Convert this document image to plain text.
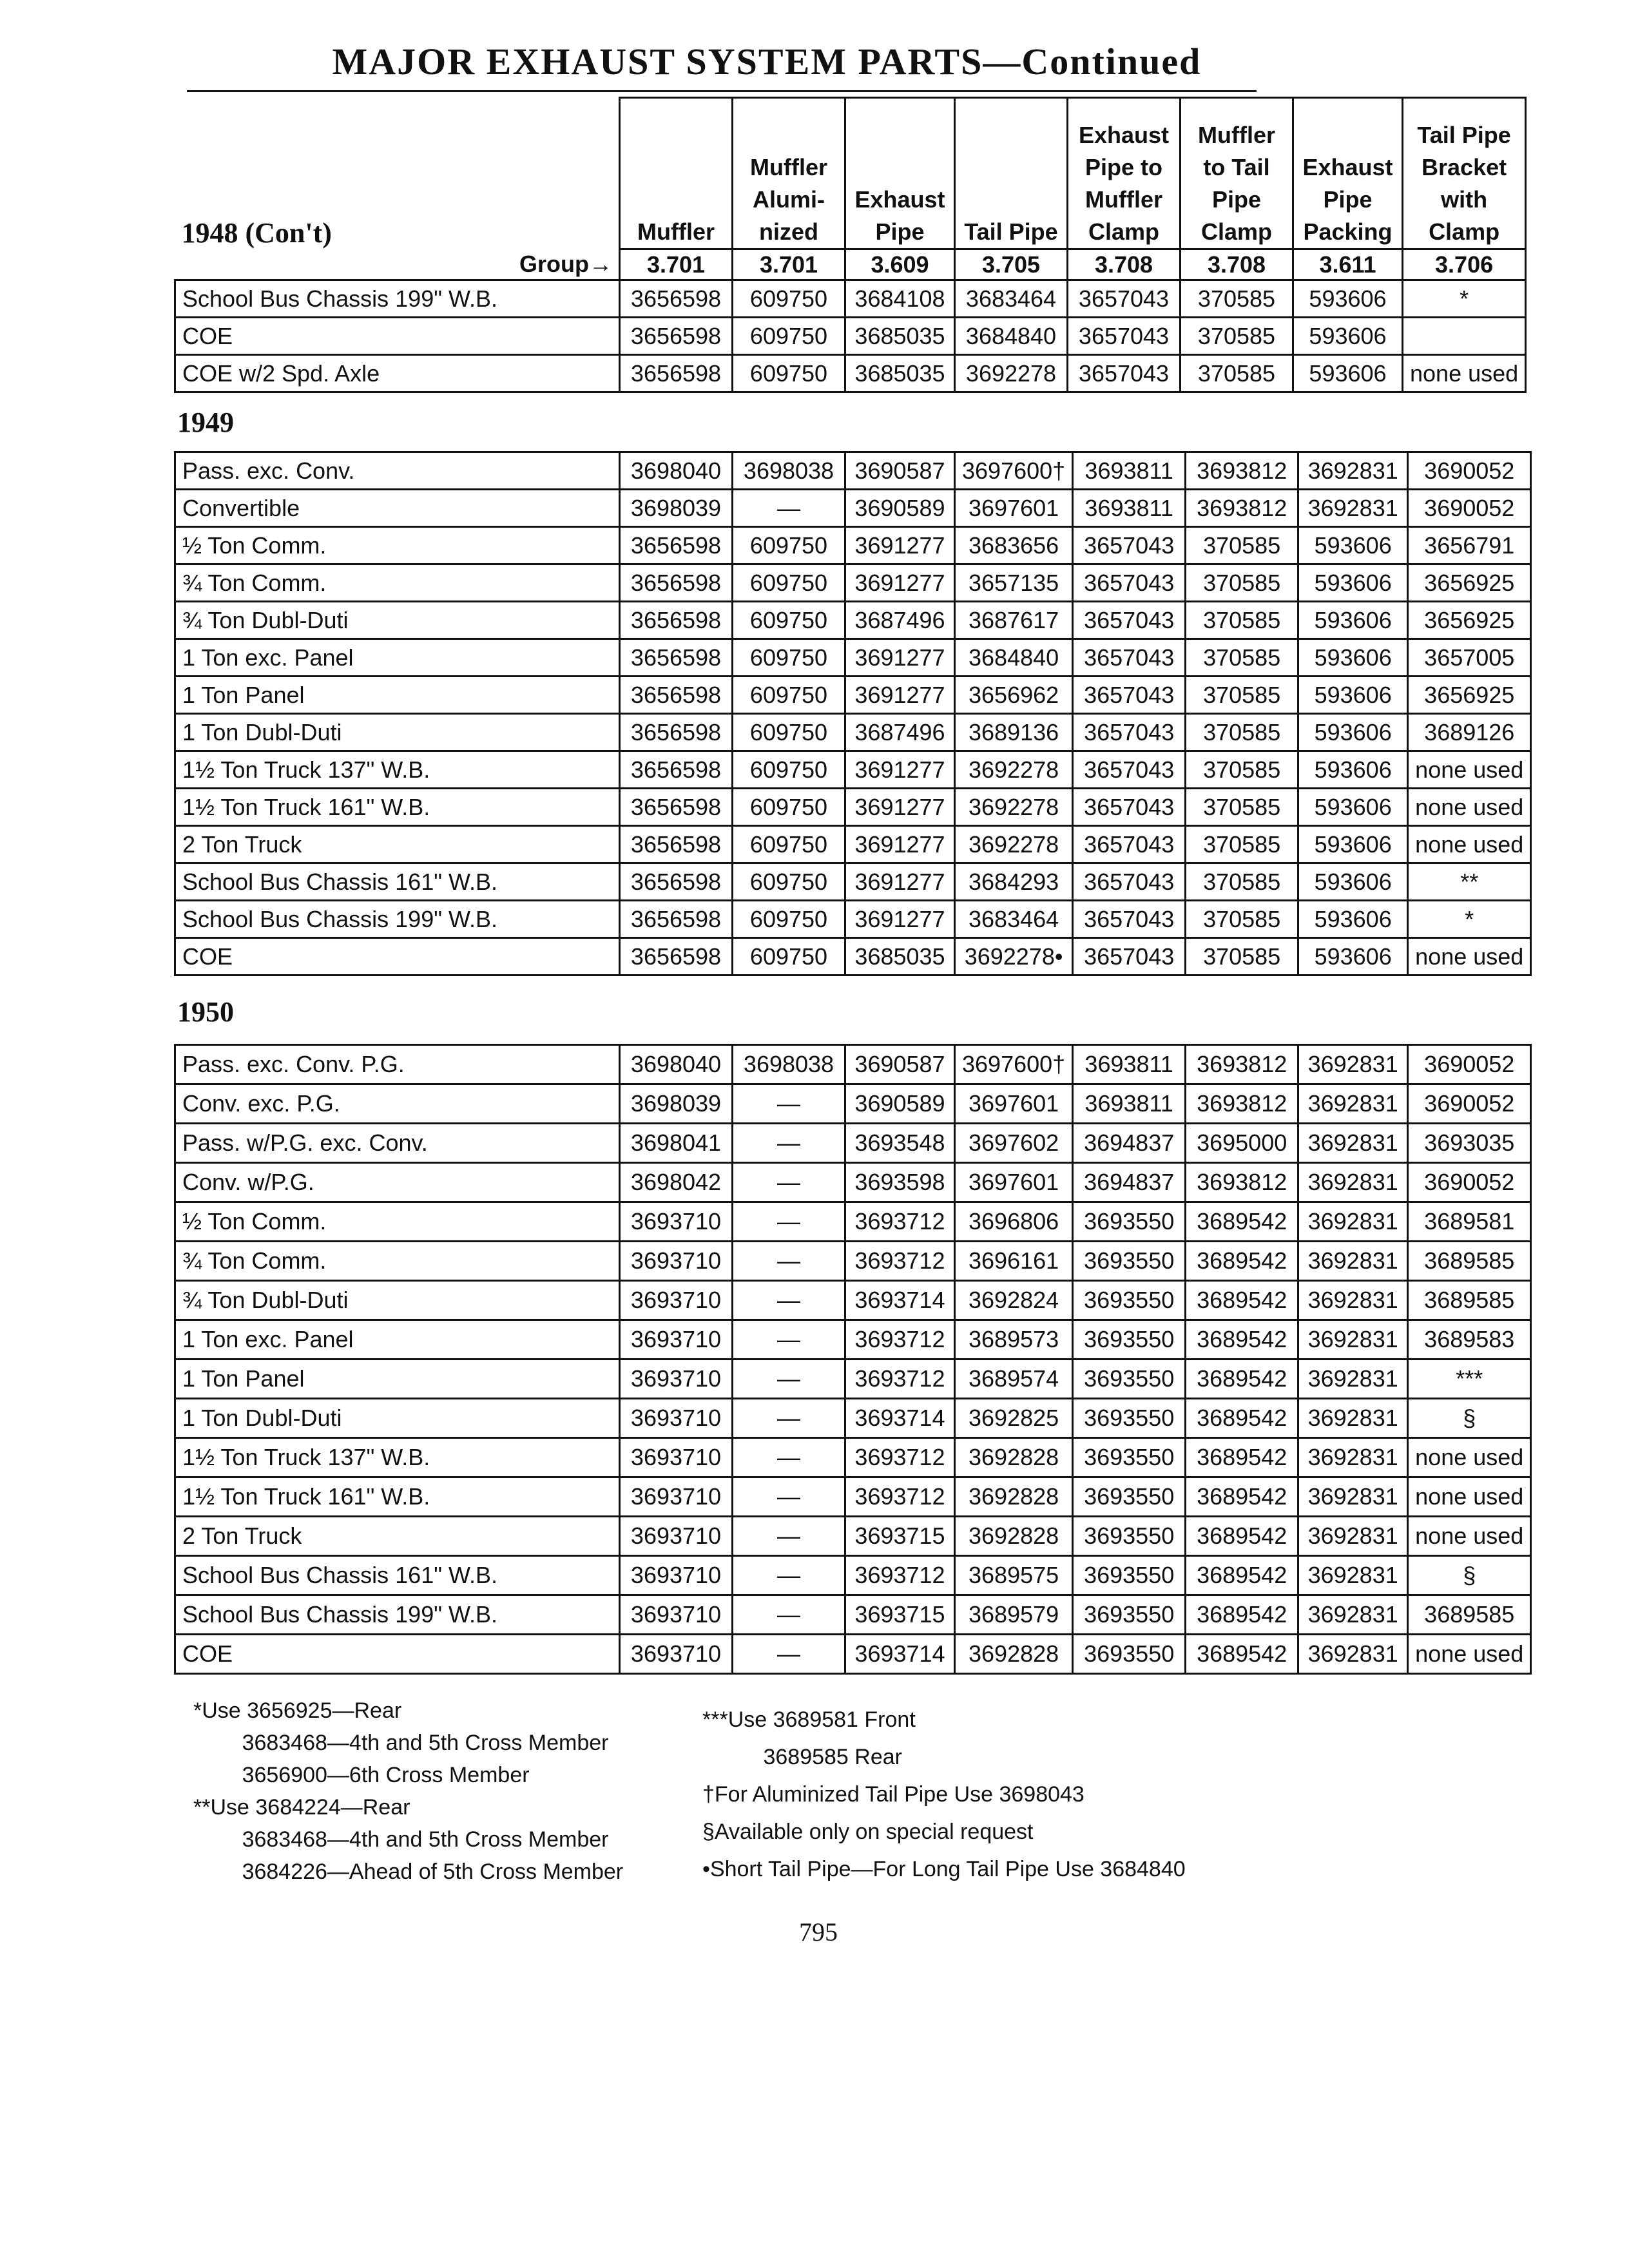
MAJOR EXHAUST SYSTEM PARTS—Continued
1948 (Con't)	Muffler	Muffler Alumi- nized	Exhaust Pipe	Tail Pipe	Exhaust Pipe to Muffler Clamp	Muffler to Tail Pipe Clamp	Exhaust Pipe Packing	Tail Pipe Bracket with Clamp
Group→	3.701	3.701	3.609	3.705	3.708	3.708	3.611	3.706
School Bus Chassis 199" W.B.	3656598	609750	3684108	3683464	3657043	370585	593606	*
COE	3656598	609750	3685035	3684840	3657043	370585	593606	
COE w/2 Spd. Axle	3656598	609750	3685035	3692278	3657043	370585	593606	none used
1949
Pass. exc. Conv.	3698040	3698038	3690587	3697600†	3693811	3693812	3692831	3690052
Convertible	3698039	—	3690589	3697601	3693811	3693812	3692831	3690052
½ Ton Comm.	3656598	609750	3691277	3683656	3657043	370585	593606	3656791
¾ Ton Comm.	3656598	609750	3691277	3657135	3657043	370585	593606	3656925
¾ Ton Dubl-Duti	3656598	609750	3687496	3687617	3657043	370585	593606	3656925
1 Ton exc. Panel	3656598	609750	3691277	3684840	3657043	370585	593606	3657005
1 Ton Panel	3656598	609750	3691277	3656962	3657043	370585	593606	3656925
1 Ton Dubl-Duti	3656598	609750	3687496	3689136	3657043	370585	593606	3689126
1½ Ton Truck 137" W.B.	3656598	609750	3691277	3692278	3657043	370585	593606	none used
1½ Ton Truck 161" W.B.	3656598	609750	3691277	3692278	3657043	370585	593606	none used
2 Ton Truck	3656598	609750	3691277	3692278	3657043	370585	593606	none used
School Bus Chassis 161" W.B.	3656598	609750	3691277	3684293	3657043	370585	593606	**
School Bus Chassis 199" W.B.	3656598	609750	3691277	3683464	3657043	370585	593606	*
COE	3656598	609750	3685035	3692278•	3657043	370585	593606	none used
1950
Pass. exc. Conv. P.G.	3698040	3698038	3690587	3697600†	3693811	3693812	3692831	3690052
Conv. exc. P.G.	3698039	—	3690589	3697601	3693811	3693812	3692831	3690052
Pass. w/P.G. exc. Conv.	3698041	—	3693548	3697602	3694837	3695000	3692831	3693035
Conv. w/P.G.	3698042	—	3693598	3697601	3694837	3693812	3692831	3690052
½ Ton Comm.	3693710	—	3693712	3696806	3693550	3689542	3692831	3689581
¾ Ton Comm.	3693710	—	3693712	3696161	3693550	3689542	3692831	3689585
¾ Ton Dubl-Duti	3693710	—	3693714	3692824	3693550	3689542	3692831	3689585
1 Ton exc. Panel	3693710	—	3693712	3689573	3693550	3689542	3692831	3689583
1 Ton Panel	3693710	—	3693712	3689574	3693550	3689542	3692831	***
1 Ton Dubl-Duti	3693710	—	3693714	3692825	3693550	3689542	3692831	§
1½ Ton Truck 137" W.B.	3693710	—	3693712	3692828	3693550	3689542	3692831	none used
1½ Ton Truck 161" W.B.	3693710	—	3693712	3692828	3693550	3689542	3692831	none used
2 Ton Truck	3693710	—	3693715	3692828	3693550	3689542	3692831	none used
School Bus Chassis 161" W.B.	3693710	—	3693712	3689575	3693550	3689542	3692831	§
School Bus Chassis 199" W.B.	3693710	—	3693715	3689579	3693550	3689542	3692831	3689585
COE	3693710	—	3693714	3692828	3693550	3689542	3692831	none used
*Use 3656925—Rear
3683468—4th and 5th Cross Member
3656900—6th Cross Member
**Use 3684224—Rear
3683468—4th and 5th Cross Member
3684226—Ahead of 5th Cross Member
***Use 3689581 Front
3689585 Rear
†For Aluminized Tail Pipe Use 3698043
§Available only on special request
•Short Tail Pipe—For Long Tail Pipe Use 3684840
795
